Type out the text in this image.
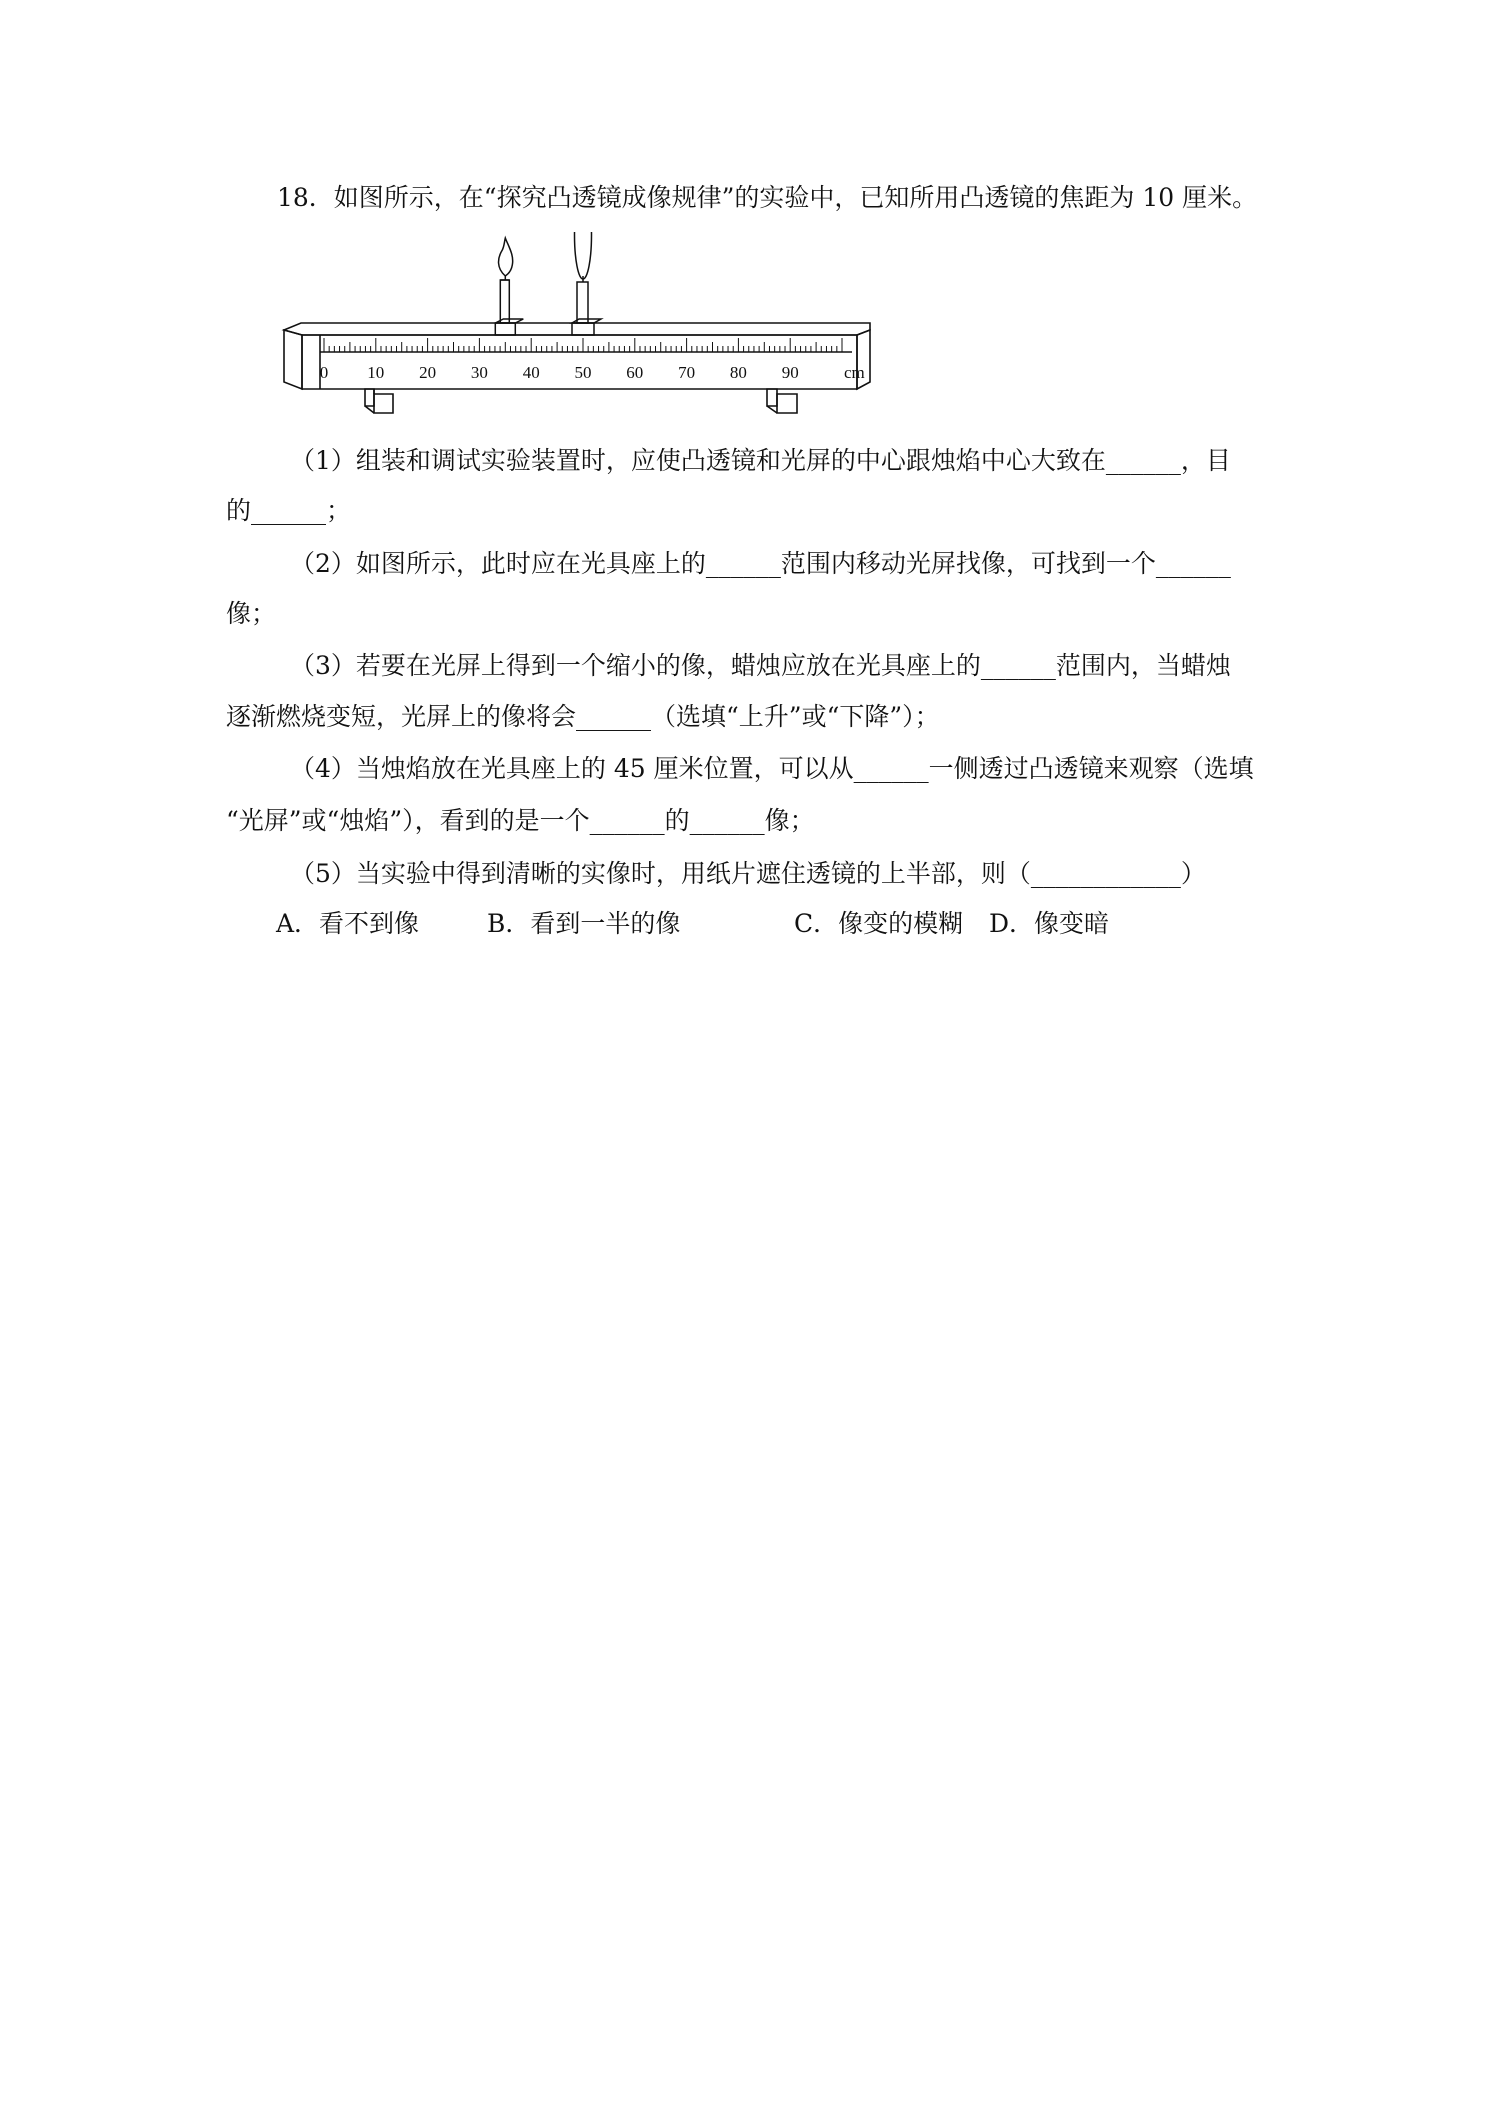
18．如图所示，在“探究凸透镜成像规律”的实验中，已知所用凸透镜的焦距为 10 厘米。
0 10 20 30 40 50 60 70 80 90	cm
（1）组装和调试实验装置时，应使凸透镜和光屏的中心跟烛焰中心大致在______，目
的______；
（2）如图所示，此时应在光具座上的______范围内移动光屏找像，可找到一个______
像；
（3）若要在光屏上得到一个缩小的像，蜡烛应放在光具座上的______范围内，当蜡烛
逐渐燃烧变短，光屏上的像将会______（选填“上升”或“下降”）；
（4）当烛焰放在光具座上的 45 厘米位置，可以从______一侧透过凸透镜来观察（选填
“光屏”或“烛焰”），看到的是一个______的______像；
（5）当实验中得到清晰的实像时，用纸片遮住透镜的上半部，则（____________）
A．看不到像	B．看到一半的像	C．像变的模糊 D．像变暗
